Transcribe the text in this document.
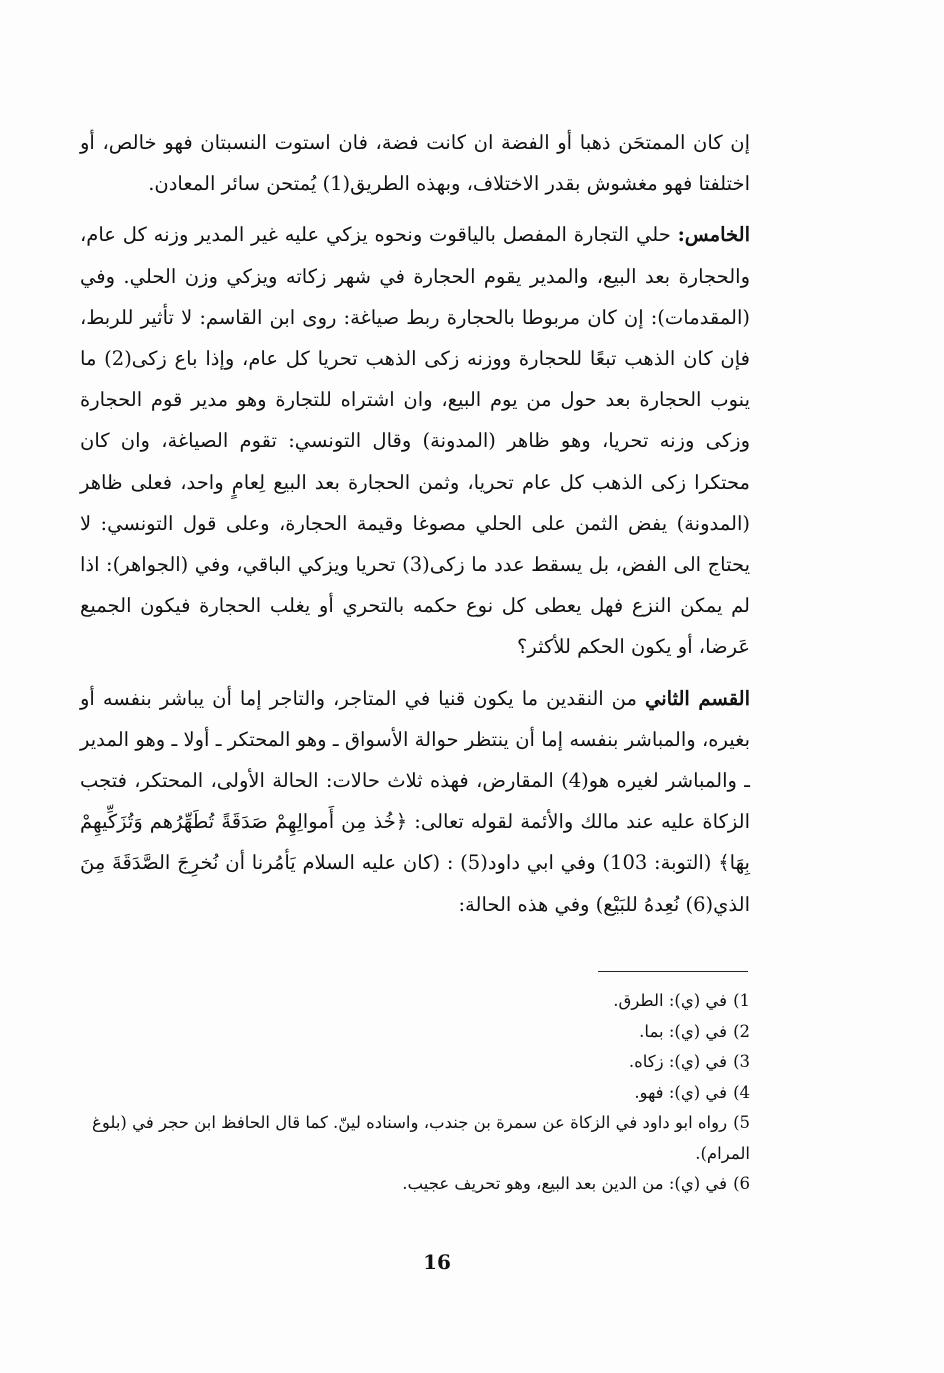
إن كان الممتحَن ذهبا أو الفضة ان كانت فضة، فان استوت النسبتان فهو خالص، أو اختلفتا فهو مغشوش بقدر الاختلاف، وبهذه الطريق(1) يُمتحن سائر المعادن.

الخامس: حلي التجارة المفصل بالياقوت ونحوه يزكي عليه غير المدير وزنه كل عام، والحجارة بعد البيع، والمدير يقوم الحجارة في شهر زكاته ويزكي وزن الحلي. وفي (المقدمات): إن كان مربوطا بالحجارة ربط صياغة: روى ابن القاسم: لا تأثير للربط، فإن كان الذهب تبعًا للحجارة ووزنه زكى الذهب تحريا كل عام، وإذا باع زكى(2) ما ينوب الحجارة بعد حول من يوم البيع، وان اشتراه للتجارة وهو مدير قوم الحجارة وزكى وزنه تحريا، وهو ظاهر (المدونة) وقال التونسي: تقوم الصياغة، وان كان محتكرا زكى الذهب كل عام تحريا، وثمن الحجارة بعد البيع لِعامٍ واحد، فعلى ظاهر (المدونة) يفض الثمن على الحلي مصوغا وقيمة الحجارة، وعلى قول التونسي: لا يحتاج الى الفض، بل يسقط عدد ما زكى(3) تحريا ويزكي الباقي، وفي (الجواهر): اذا لم يمكن النزع فهل يعطى كل نوع حكمه بالتحري أو يغلب الحجارة فيكون الجميع عَرضا، أو يكون الحكم للأكثر؟

القسم الثاني من النقدين ما يكون قنيا في المتاجر، والتاجر إما أن يباشر بنفسه أو بغيره، والمباشر بنفسه إما أن ينتظر حوالة الأسواق ـ وهو المحتكر ـ أولا ـ وهو المدير ـ والمباشر لغيره هو(4) المقارض، فهذه ثلاث حالات: الحالة الأولى، المحتكر، فتجب الزكاة عليه عند مالك والأئمة لقوله تعالى: ﴿خُذ مِن أَموالِهِمْ صَدَقَةً تُطَهِّرُهم وَتُزَكِّيهِمْ بِهَا﴾ (التوبة: 103) وفي ابي داود(5) : (كان عليه السلام يَأمُرنا أن نُخرِجَ الصَّدَقَةَ مِنَ الذي(6) نُعِدهُ للبَيْع) وفي هذه الحالة:

1)في (ي): الطرق.

2)في (ي): بما.

3)في (ي): زكاه.

4)في (ي): فهو.

5)رواه ابو داود في الزكاة عن سمرة بن جندب، واسناده لينّ. كما قال الحافظ ابن حجر في (بلوغ المرام).

6)في (ي): من الدين بعد البيع، وهو تحريف عجيب.

16
